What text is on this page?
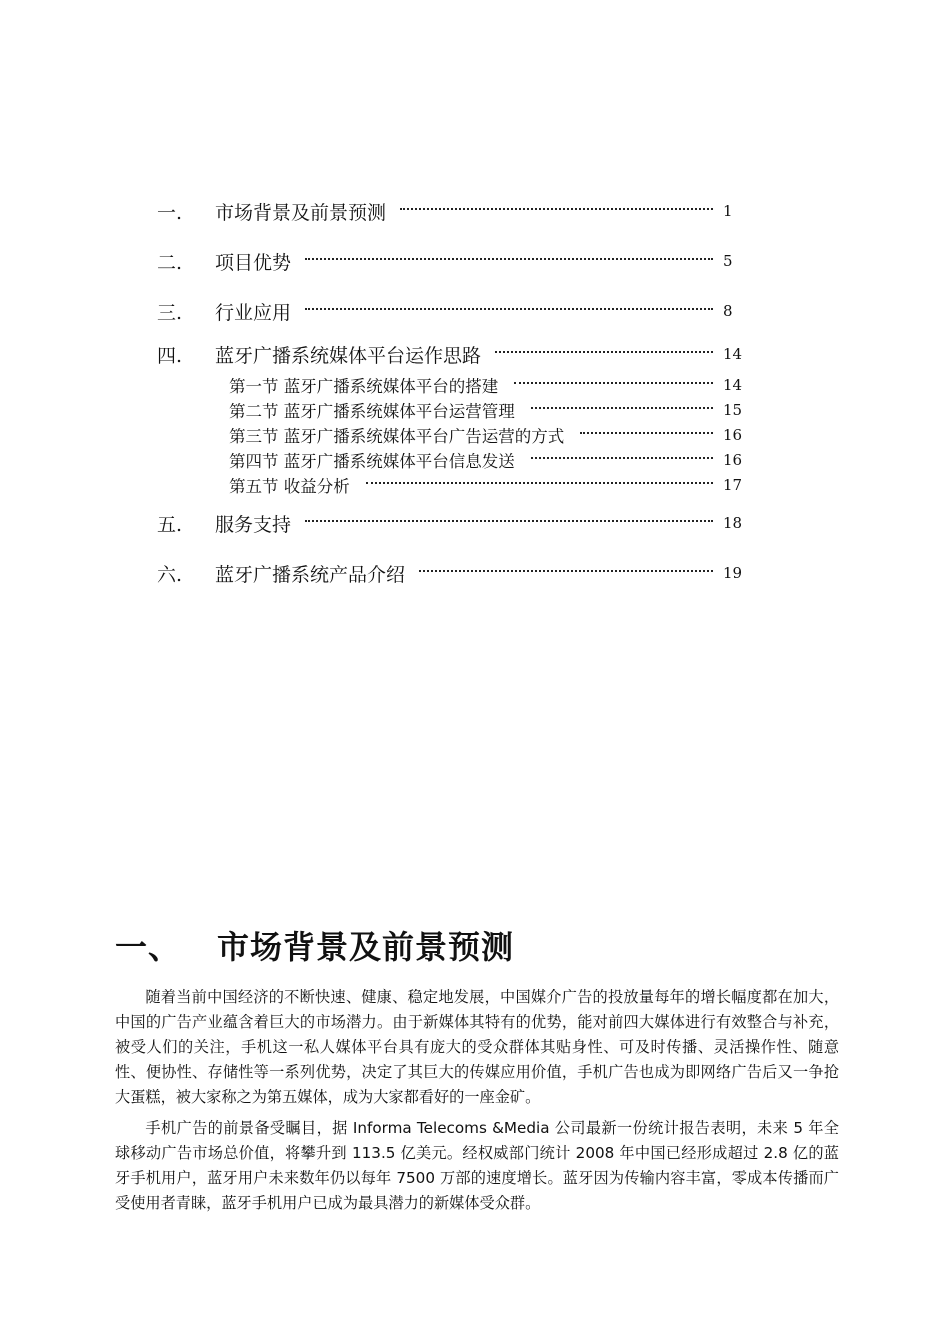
一.	市场背景及前景预测	1
二.	项目优势	5
三.	行业应用	8
四.	蓝牙广播系统媒体平台运作思路	14
第一节 蓝牙广播系统媒体平台的搭建	14
第二节 蓝牙广播系统媒体平台运营管理	15
第三节 蓝牙广播系统媒体平台广告运营的方式	16
第四节 蓝牙广播系统媒体平台信息发送	16
第五节 收益分析	17
五.	服务支持	18
六.	蓝牙广播系统产品介绍	19
一、 市场背景及前景预测

随着当前中国经济的不断快速、健康、稳定地发展，中国媒介广告的投放量每年的增长幅度都在加大，中国的广告产业蕴含着巨大的市场潜力。由于新媒体其特有的优势，能对前四大媒体进行有效整合与补充，被受人们的关注，手机这一私人媒体平台具有庞大的受众群体其贴身性、可及时传播、灵活操作性、随意性、便协性、存储性等一系列优势，决定了其巨大的传媒应用价值，手机广告也成为即网络广告后又一争抢大蛋糕，被大家称之为第五媒体，成为大家都看好的一座金矿。

手机广告的前景备受瞩目，据 Informa Telecoms &Media 公司最新一份统计报告表明，未来 5 年全球移动广告市场总价值，将攀升到 113.5 亿美元。经权威部门统计 2008 年中国已经形成超过 2.8 亿的蓝牙手机用户，蓝牙用户未来数年仍以每年 7500 万部的速度增长。蓝牙因为传输内容丰富，零成本传播而广受使用者青睐，蓝牙手机用户已成为最具潜力的新媒体受众群。
